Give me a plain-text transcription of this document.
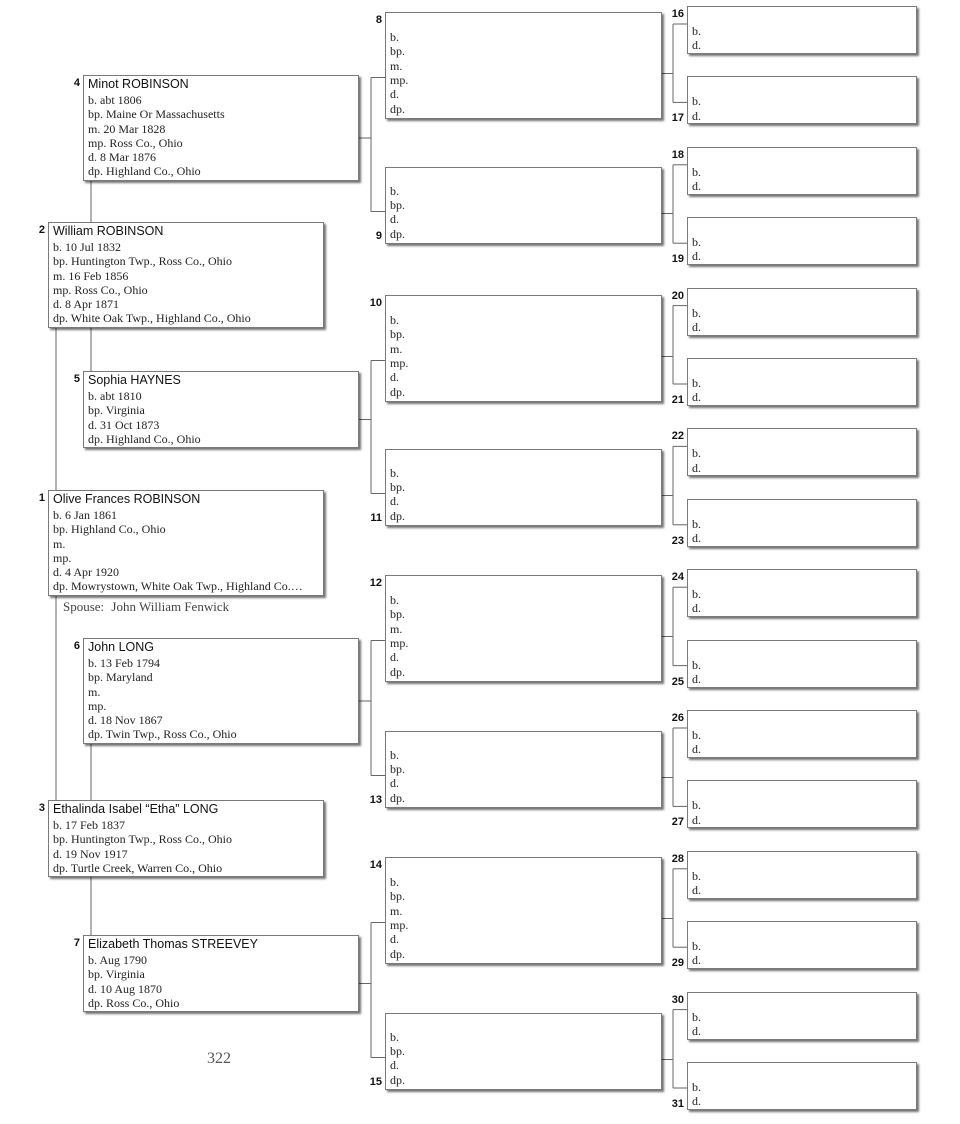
Olive Frances ROBINSON
b. 6 Jan 1861
bp. Highland Co., Ohio
m.
mp.
d. 4 Apr 1920
dp. Mowrystown, White Oak Twp., Highland Co.…
1
William ROBINSON
b. 10 Jul 1832
bp. Huntington Twp., Ross Co., Ohio
m. 16 Feb 1856
mp. Ross Co., Ohio
d. 8 Apr 1871
dp. White Oak Twp., Highland Co., Ohio
2
Ethalinda Isabel “Etha” LONG
b. 17 Feb 1837
bp. Huntington Twp., Ross Co., Ohio
d. 19 Nov 1917
dp. Turtle Creek, Warren Co., Ohio
3
Minot ROBINSON
b. abt 1806
bp. Maine Or Massachusetts
m. 20 Mar 1828
mp. Ross Co., Ohio
d. 8 Mar 1876
dp. Highland Co., Ohio
4
Sophia HAYNES
b. abt 1810
bp. Virginia
d. 31 Oct 1873
dp. Highland Co., Ohio
5
John LONG
b. 13 Feb 1794
bp. Maryland
m.
mp.
d. 18 Nov 1867
dp. Twin Twp., Ross Co., Ohio
6
Elizabeth Thomas STREEVEY
b. Aug 1790
bp. Virginia
d. 10 Aug 1870
dp. Ross Co., Ohio
7
b.
bp.
m.
mp.
d.
dp.
8
b.
bp.
d.
dp.
9
b.
bp.
m.
mp.
d.
dp.
10
b.
bp.
d.
dp.
11
b.
bp.
m.
mp.
d.
dp.
12
b.
bp.
d.
dp.
13
b.
bp.
m.
mp.
d.
dp.
14
b.
bp.
d.
dp.
15
b.
d.
16
b.
d.
17
b.
d.
18
b.
d.
19
b.
d.
20
b.
d.
21
b.
d.
22
b.
d.
23
b.
d.
24
b.
d.
25
b.
d.
26
b.
d.
27
b.
d.
28
b.
d.
29
b.
d.
30
b.
d.
31
Spouse: John William Fenwick
322
